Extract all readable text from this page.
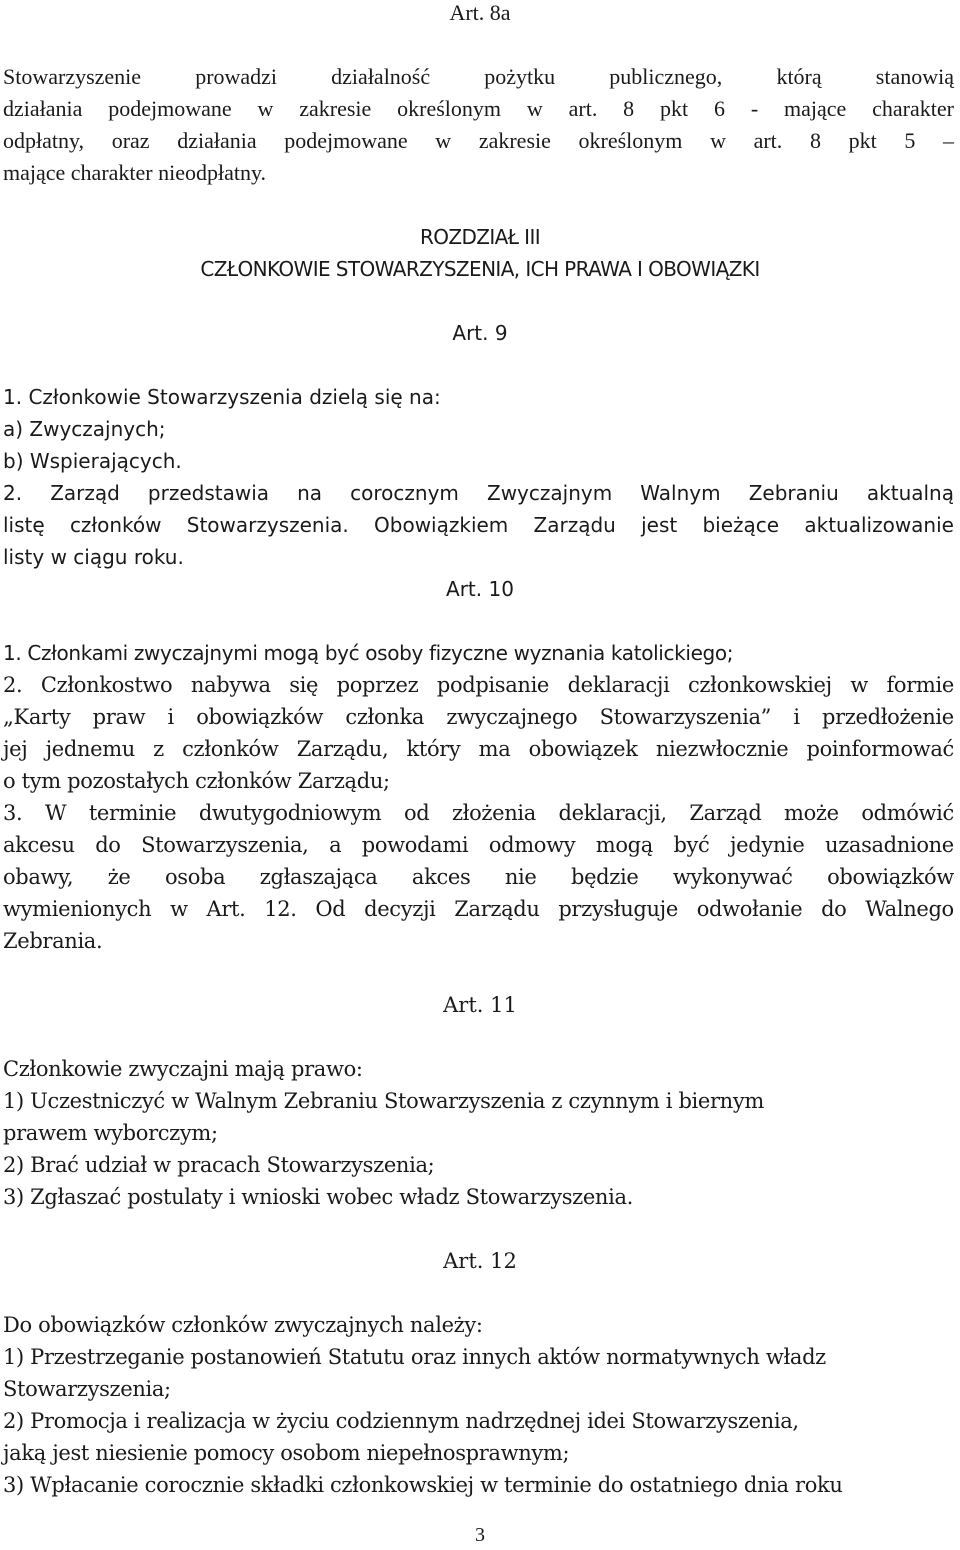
Art. 8a
Stowarzyszenie prowadzi działalność pożytku publicznego, którą stanowią
działania podejmowane w zakresie określonym w art. 8 pkt 6 - mające charakter
odpłatny, oraz działania podejmowane w zakresie określonym w art. 8 pkt 5 –
mające charakter nieodpłatny.
ROZDZIAŁ III
CZŁONKOWIE STOWARZYSZENIA, ICH PRAWA I OBOWIĄZKI
Art. 9
1. Członkowie Stowarzyszenia dzielą się na:
a) Zwyczajnych;
b) Wspierających.
2. Zarząd przedstawia na corocznym Zwyczajnym Walnym Zebraniu aktualną
listę członków Stowarzyszenia. Obowiązkiem Zarządu jest bieżące aktualizowanie
listy w ciągu roku.
Art. 10
1. Członkami zwyczajnymi mogą być osoby fizyczne wyznania katolickiego;
2. Członkostwo nabywa się poprzez podpisanie deklaracji członkowskiej w formie
„Karty praw i obowiązków członka zwyczajnego Stowarzyszenia” i przedłożenie
jej jednemu z członków Zarządu, który ma obowiązek niezwłocznie poinformować
o tym pozostałych członków Zarządu;
3. W terminie dwutygodniowym od złożenia deklaracji, Zarząd może odmówić
akcesu do Stowarzyszenia, a powodami odmowy mogą być jedynie uzasadnione
obawy, że osoba zgłaszająca akces nie będzie wykonywać obowiązków
wymienionych w Art. 12. Od decyzji Zarządu przysługuje odwołanie do Walnego
Zebrania.
Art. 11
Członkowie zwyczajni mają prawo:
1) Uczestniczyć w Walnym Zebraniu Stowarzyszenia z czynnym i biernym
prawem wyborczym;
2) Brać udział w pracach Stowarzyszenia;
3) Zgłaszać postulaty i wnioski wobec władz Stowarzyszenia.
Art. 12
Do obowiązków członków zwyczajnych należy:
1) Przestrzeganie postanowień Statutu oraz innych aktów normatywnych władz
Stowarzyszenia;
2) Promocja i realizacja w życiu codziennym nadrzędnej idei Stowarzyszenia,
jaką jest niesienie pomocy osobom niepełnosprawnym;
3) Wpłacanie corocznie składki członkowskiej w terminie do ostatniego dnia roku
3
